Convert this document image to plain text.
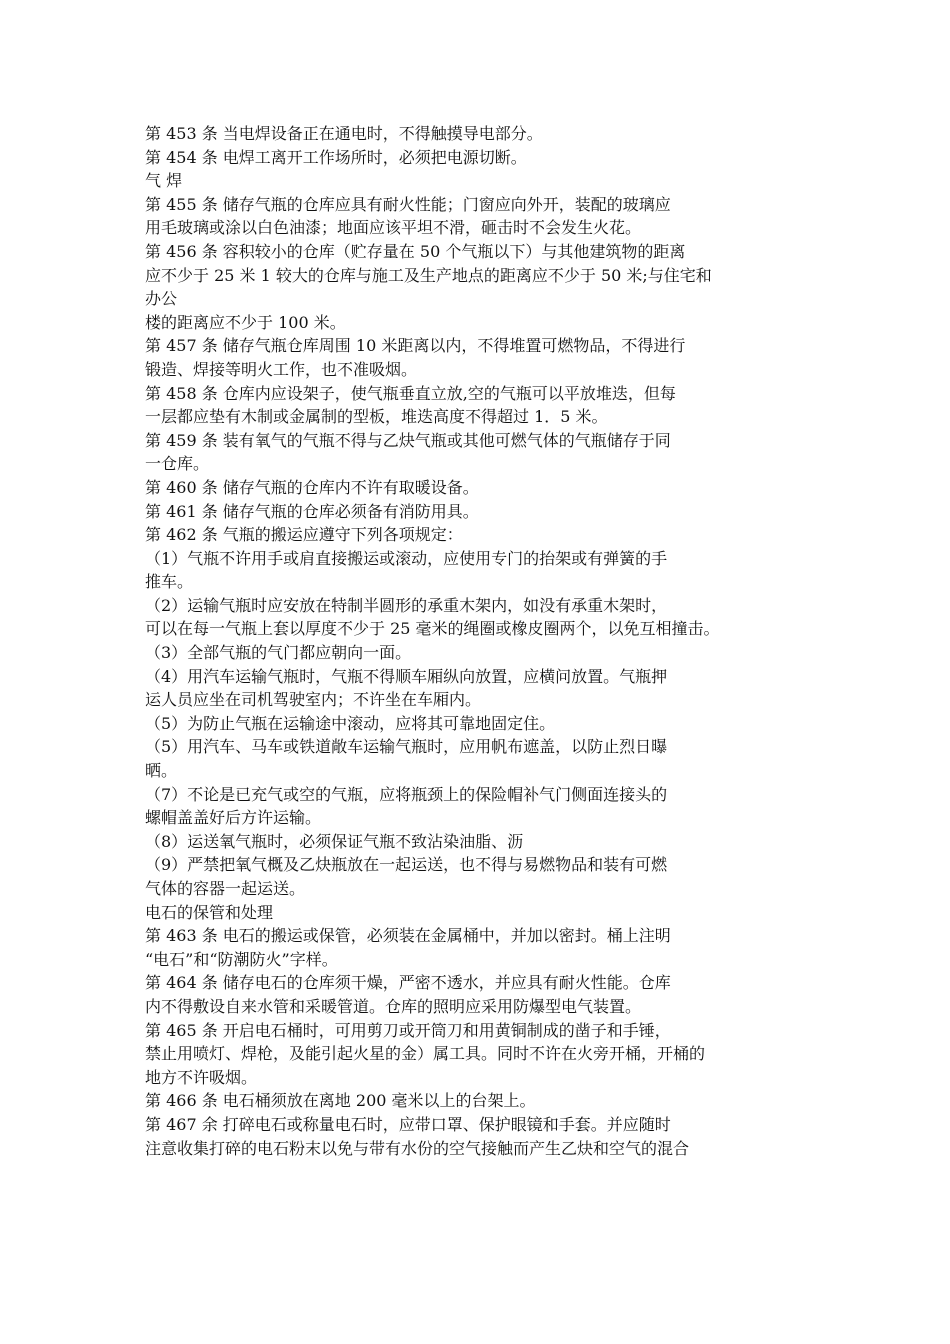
第 453 条 当电焊设备正在通电时，不得触摸导电部分。
第 454 条 电焊工离开工作场所时，必须把电源切断。
气 焊
第 455 条 储存气瓶的仓库应具有耐火性能；门窗应向外开，装配的玻璃应
用毛玻璃或涂以白色油漆；地面应该平坦不滑，砸击时不会发生火花。
第 456 条 容积较小的仓库（贮存量在 50 个气瓶以下）与其他建筑物的距离
应不少于 25 米 1 较大的仓库与施工及生产地点的距离应不少于 50 米;与住宅和
办公
楼的距离应不少于 100 米。
第 457 条 储存气瓶仓库周围 10 米距离以内，不得堆置可燃物品，不得进行
锻造、焊接等明火工作，也不准吸烟。
第 458 条 仓库内应设架子，使气瓶垂直立放,空的气瓶可以平放堆迭，但每
一层都应垫有木制或金属制的型板，堆迭高度不得超过 1．5 米。
第 459 条 装有氧气的气瓶不得与乙炔气瓶或其他可燃气体的气瓶储存于同
一仓库。
第 460 条 储存气瓶的仓库内不许有取暖设备。
第 461 条 储存气瓶的仓库必须备有消防用具。
第 462 条 气瓶的搬运应遵守下列各项规定：
（1）气瓶不许用手或肩直接搬运或滚动，应使用专门的抬架或有弹簧的手
推车。
（2）运输气瓶时应安放在特制半圆形的承重木架内，如没有承重木架时，
可以在每一气瓶上套以厚度不少于 25 毫米的绳圈或橡皮圈两个，以免互相撞击。
（3）全部气瓶的气门都应朝向一面。
（4）用汽车运输气瓶时，气瓶不得顺车厢纵向放置，应横问放置。气瓶押
运人员应坐在司机驾驶室内；不许坐在车厢内。
（5）为防止气瓶在运输途中滚动，应将其可靠地固定住。
（5）用汽车、马车或铁道敞车运输气瓶时，应用帆布遮盖，以防止烈日曝
晒。
（7）不论是已充气或空的气瓶，应将瓶颈上的保险帽补气门侧面连接头的
螺帽盖盖好后方许运输。
（8）运送氧气瓶时，必须保证气瓶不致沾染油脂、沥
（9）严禁把氧气概及乙炔瓶放在一起运送，也不得与易燃物品和装有可燃
气体的容器一起运送。
电石的保管和处理
第 463 条 电石的搬运或保管，必须装在金属桶中，并加以密封。桶上注明
“电石”和“防潮防火”字样。
第 464 条 储存电石的仓库须干燥，严密不透水，并应具有耐火性能。仓库
内不得敷设自来水管和采暖管道。仓库的照明应采用防爆型电气装置。
第 465 条 开启电石桶时，可用剪刀或开筒刀和用黄铜制成的凿子和手锤，
禁止用喷灯、焊枪，及能引起火星的金）属工具。同时不许在火旁开桶，开桶的
地方不许吸烟。
第 466 条 电石桶须放在离地 200 毫米以上的台架上。
第 467 余 打碎电石或称量电石时，应带口罩、保护眼镜和手套。并应随时
注意收集打碎的电石粉末以免与带有水份的空气接触而产生乙炔和空气的混合
